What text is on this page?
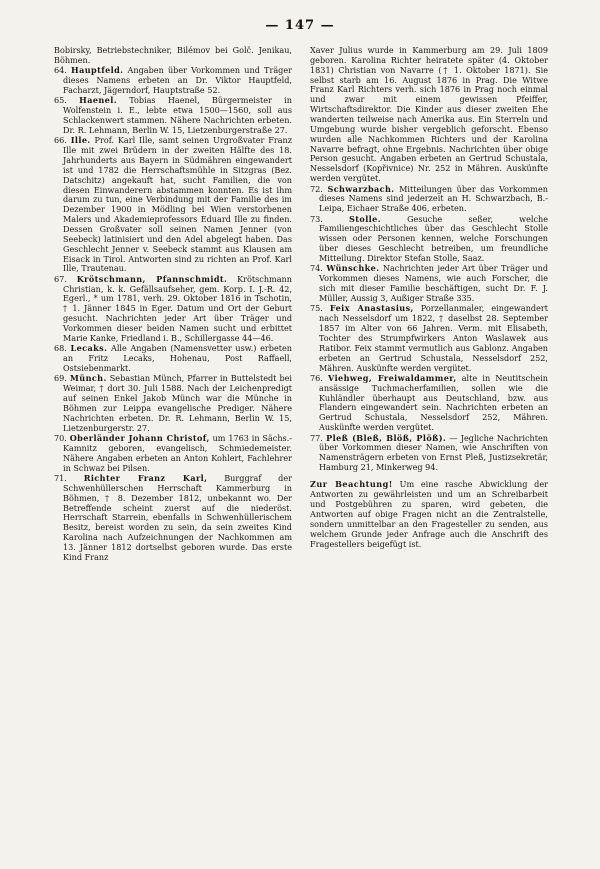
— 147 —

Bobirsky, Betriebstechniker, Bilémov bei Golč. Jenikau, Böhmen.

64. Hauptfeld. Angaben über Vorkommen und Träger dieses Namens erbeten an Dr. Viktor Hauptfeld, Facharzt, Jägerndorf, Hauptstraße 52.

65. Haenel. Tobias Haenel, Bürgermeister in Wolfenstein i. E., lebte etwa 1500—1560, soll aus Schlackenwert stammen. Nähere Nachrichten erbeten. Dr. R. Lehmann, Berlin W. 15, Lietzenburgerstraße 27.

66. Ille. Prof. Karl Ille, samt seinen Urgroßvater Franz Ille mit zwei Brüdern in der zweiten Hälfte des 18. Jahrhunderts aus Bayern in Südmähren eingewandert ist und 1782 die Herrschaftsmühle in Sitzgras (Bez. Datschitz) angekauft hat, sucht Familien, die von diesen Einwanderern abstammen konnten. Es ist ihm darum zu tun, eine Verbindung mit der Familie des im Dezember 1900 in Mödling bei Wien verstorbenen Malers und Akademieprofessors Eduard Ille zu finden. Dessen Großvater soll seinen Namen Jenner (von Seebeck) latinisiert und den Adel abgelegt haben. Das Geschlecht Jenner v. Seebeck stammt aus Klausen am Eisack in Tirol. Antworten sind zu richten an Prof. Karl Ille, Trautenau.

67. Krötschmann, Pfannschmidt. Krötschmann Christian, k. k. Gefällsaufseher, gem. Korp. I. J.-R. 42, Egerl., * um 1781, verh. 29. Oktober 1816 in Tschotin, † 1. Jänner 1845 in Eger. Datum und Ort der Geburt gesucht. Nachrichten jeder Art über Träger und Vorkommen dieser beiden Namen sucht und erbittet Marie Kanke, Friedland i. B., Schillergasse 44—46.

68. Lecaks. Alle Angaben (Namensvetter usw.) erbeten an Fritz Lecaks, Hohenau, Post Raffaell, Ostsiebenmarkt.

69. Münch. Sebastian Münch, Pfarrer in Buttelstedt bei Weimar, † dort 30. Juli 1588. Nach der Leichenpredigt auf seinen Enkel Jakob Münch war die Münche in Böhmen zur Leippa evangelische Prediger. Nähere Nachrichten erbeten. Dr. R. Lehmann, Berlin W. 15, Lietzenburgerstr. 27.

70. Oberländer Johann Christof, um 1763 in Sächs.-Kamnitz geboren, evangelisch, Schmiedemeister. Nähere Angaben erbeten an Anton Kohlert, Fachlehrer in Schwaz bei Pilsen.

71. Richter Franz Karl, Burggraf der Schwenhüllerschen Herrschaft Kammerburg in Böhmen, † 8. Dezember 1812, unbekannt wo. Der Betreffende scheint zuerst auf die niederöst. Herrschaft Starrein, ebenfalls in Schwenhüllerischem Besitz, bereist worden zu sein, da sein zweites Kind Karolina nach Aufzeichnungen der Nachkommen am 13. Jänner 1812 dortselbst geboren wurde. Das erste Kind Franz

Xaver Julius wurde in Kammerburg am 29. Juli 1809 geboren. Karolina Richter heiratete später (4. Oktober 1831) Christian von Navarre († 1. Oktober 1871). Sie selbst starb am 16. August 1876 in Prag. Die Witwe Franz Karl Richters verh. sich 1876 in Prag noch einmal und zwar mit einem gewissen Pfeiffer, Wirtschaftsdirektor. Die Kinder aus dieser zweiten Ehe wanderten teilweise nach Amerika aus. Ein Sterreln und Umgebung wurde bisher vergeblich geforscht. Ebenso wurden alle Nachkommen Richters und der Karolina Navarre befragt, ohne Ergebnis. Nachrichten über obige Person gesucht. Angaben erbeten an Gertrud Schustala, Nesselsdorf (Kopřivnice) Nr. 252 in Mähren. Auskünfte werden vergütet.

72. Schwarzbach. Mitteilungen über das Vorkommen dieses Namens sind jederzeit an H. Schwarzbach, B.-Leipa, Eichaer Straße 406, erbeten.

73.	Stolle.	Gesuche seßer, welche Familiengeschichtliches über das Geschlecht Stolle wissen oder Personen kennen, welche Forschungen über dieses Geschlecht betreiben, um freundliche Mitteilung. Direktor Stefan Stolle, Saaz.

74. Wünschke. Nachrichten jeder Art über Träger und Vorkommen dieses Namens, wie auch Forscher, die sich mit dieser Familie beschäftigen, sucht Dr. F. J. Müller, Aussig 3, Außiger Straße 335.

75. Feix Anastasius, Porzellanmaler, eingewandert nach Nesselsdorf um 1822, † daselbst 28. September 1857 im Alter von 66 Jahren. Verm. mit Elisabeth, Tochter des Strumpfwirkers Anton Waslawek aus Ratibor. Feix stammt vermutlich aus Gablonz. Angaben erbeten an Gertrud Schustala, Nesselsdorf 252, Mähren. Auskünfte werden vergütet.

76. Viehweg, Freiwaldammer, alte in Neutitschein ansässige Tuchmacherfamilien, sollen wie die Kuhländler überhaupt aus Deutschland, bzw. aus Flandern eingewandert sein. Nachrichten erbeten an Gertrud Schustala, Nesselsdorf 252, Mähren. Auskünfte werden vergütet.

77. Pleß (Bleß, Blöß, Plöß). — Jegliche Nachrichten über Vorkommen dieser Namen, wie Anschriften von Namensträgern erbeten von Ernst Pleß, Justizsekretär, Hamburg 21, Minkerweg 94.

Zur Beachtung! Um eine rasche Abwicklung der Antworten zu gewährleisten und um an Schreibarbeit und Postgebühren zu sparen, wird gebeten, die Antworten auf obige Fragen nicht an die Zentralstelle, sondern unmittelbar an den Fragesteller zu senden, aus welchem Grunde jeder Anfrage auch die Anschrift des Fragestellers beigefügt ist.
